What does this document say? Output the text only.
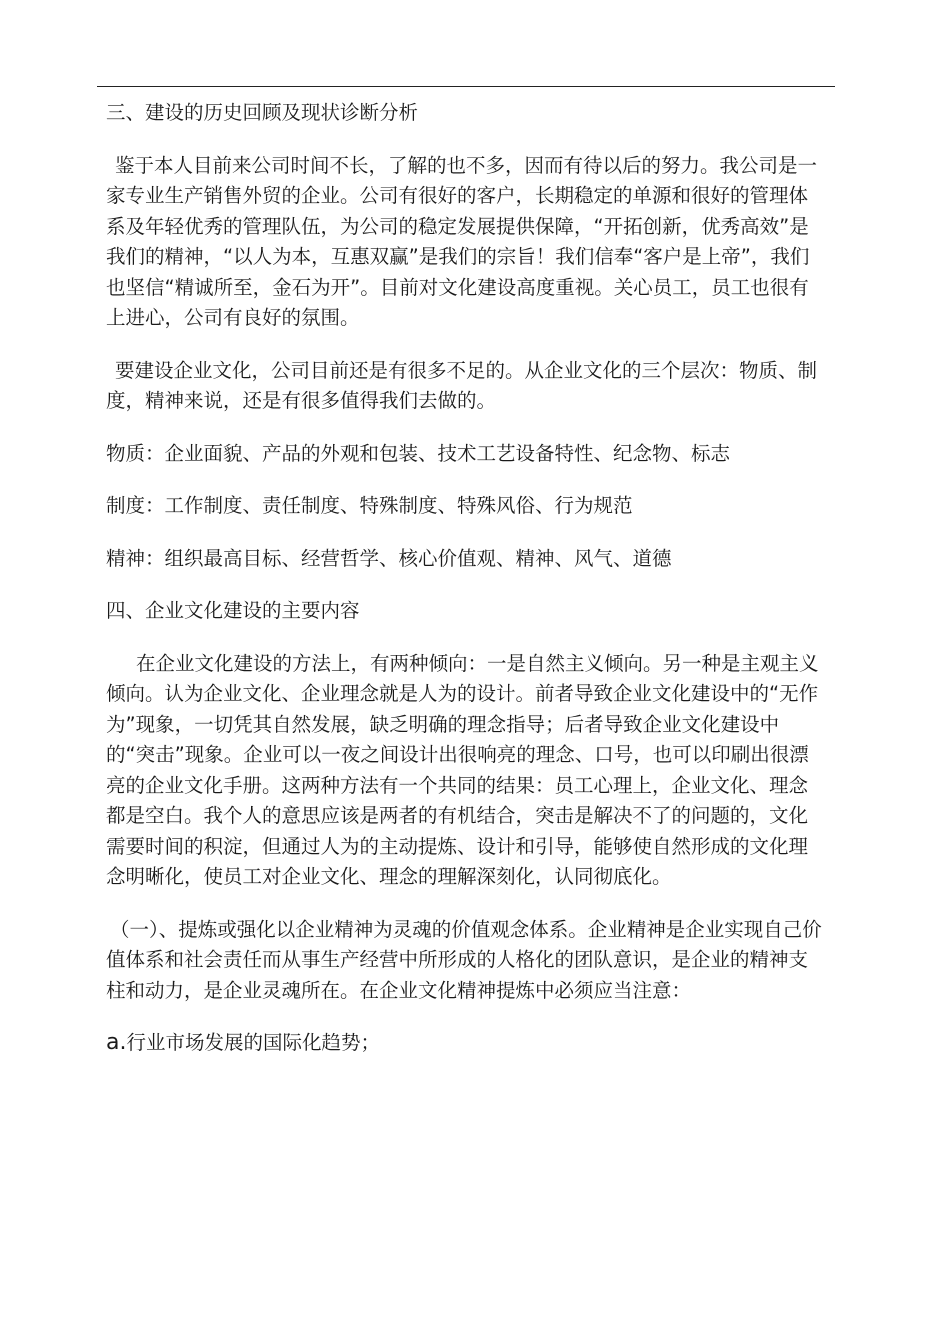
三、建设的历史回顾及现状诊断分析

鉴于本人目前来公司时间不长，了解的也不多，因而有待以后的努力。我公司是一家专业生产销售外贸的企业。公司有很好的客户，长期稳定的单源和很好的管理体系及年轻优秀的管理队伍，为公司的稳定发展提供保障，“开拓创新，优秀高效”是我们的精神，“以人为本，互惠双赢”是我们的宗旨！我们信奉“客户是上帝”，我们也坚信“精诚所至，金石为开”。目前对文化建设高度重视。关心员工，员工也很有上进心，公司有良好的氛围。

要建设企业文化，公司目前还是有很多不足的。从企业文化的三个层次：物质、制度，精神来说，还是有很多值得我们去做的。

物质：企业面貌、产品的外观和包装、技术工艺设备特性、纪念物、标志

制度：工作制度、责任制度、特殊制度、特殊风俗、行为规范

精神：组织最高目标、经营哲学、核心价值观、精神、风气、道德

四、企业文化建设的主要内容

在企业文化建设的方法上，有两种倾向：一是自然主义倾向。另一种是主观主义倾向。认为企业文化、企业理念就是人为的设计。前者导致企业文化建设中的“无作为”现象，一切凭其自然发展，缺乏明确的理念指导；后者导致企业文化建设中的“突击”现象。企业可以一夜之间设计出很响亮的理念、口号，也可以印刷出很漂亮的企业文化手册。这两种方法有一个共同的结果：员工心理上，企业文化、理念都是空白。我个人的意思应该是两者的有机结合，突击是解决不了的问题的，文化需要时间的积淀，但通过人为的主动提炼、设计和引导，能够使自然形成的文化理念明晰化，使员工对企业文化、理念的理解深刻化，认同彻底化。

（一）、提炼或强化以企业精神为灵魂的价值观念体系。企业精神是企业实现自己价值体系和社会责任而从事生产经营中所形成的人格化的团队意识，是企业的精神支柱和动力，是企业灵魂所在。在企业文化精神提炼中必须应当注意：

a.行业市场发展的国际化趋势；
